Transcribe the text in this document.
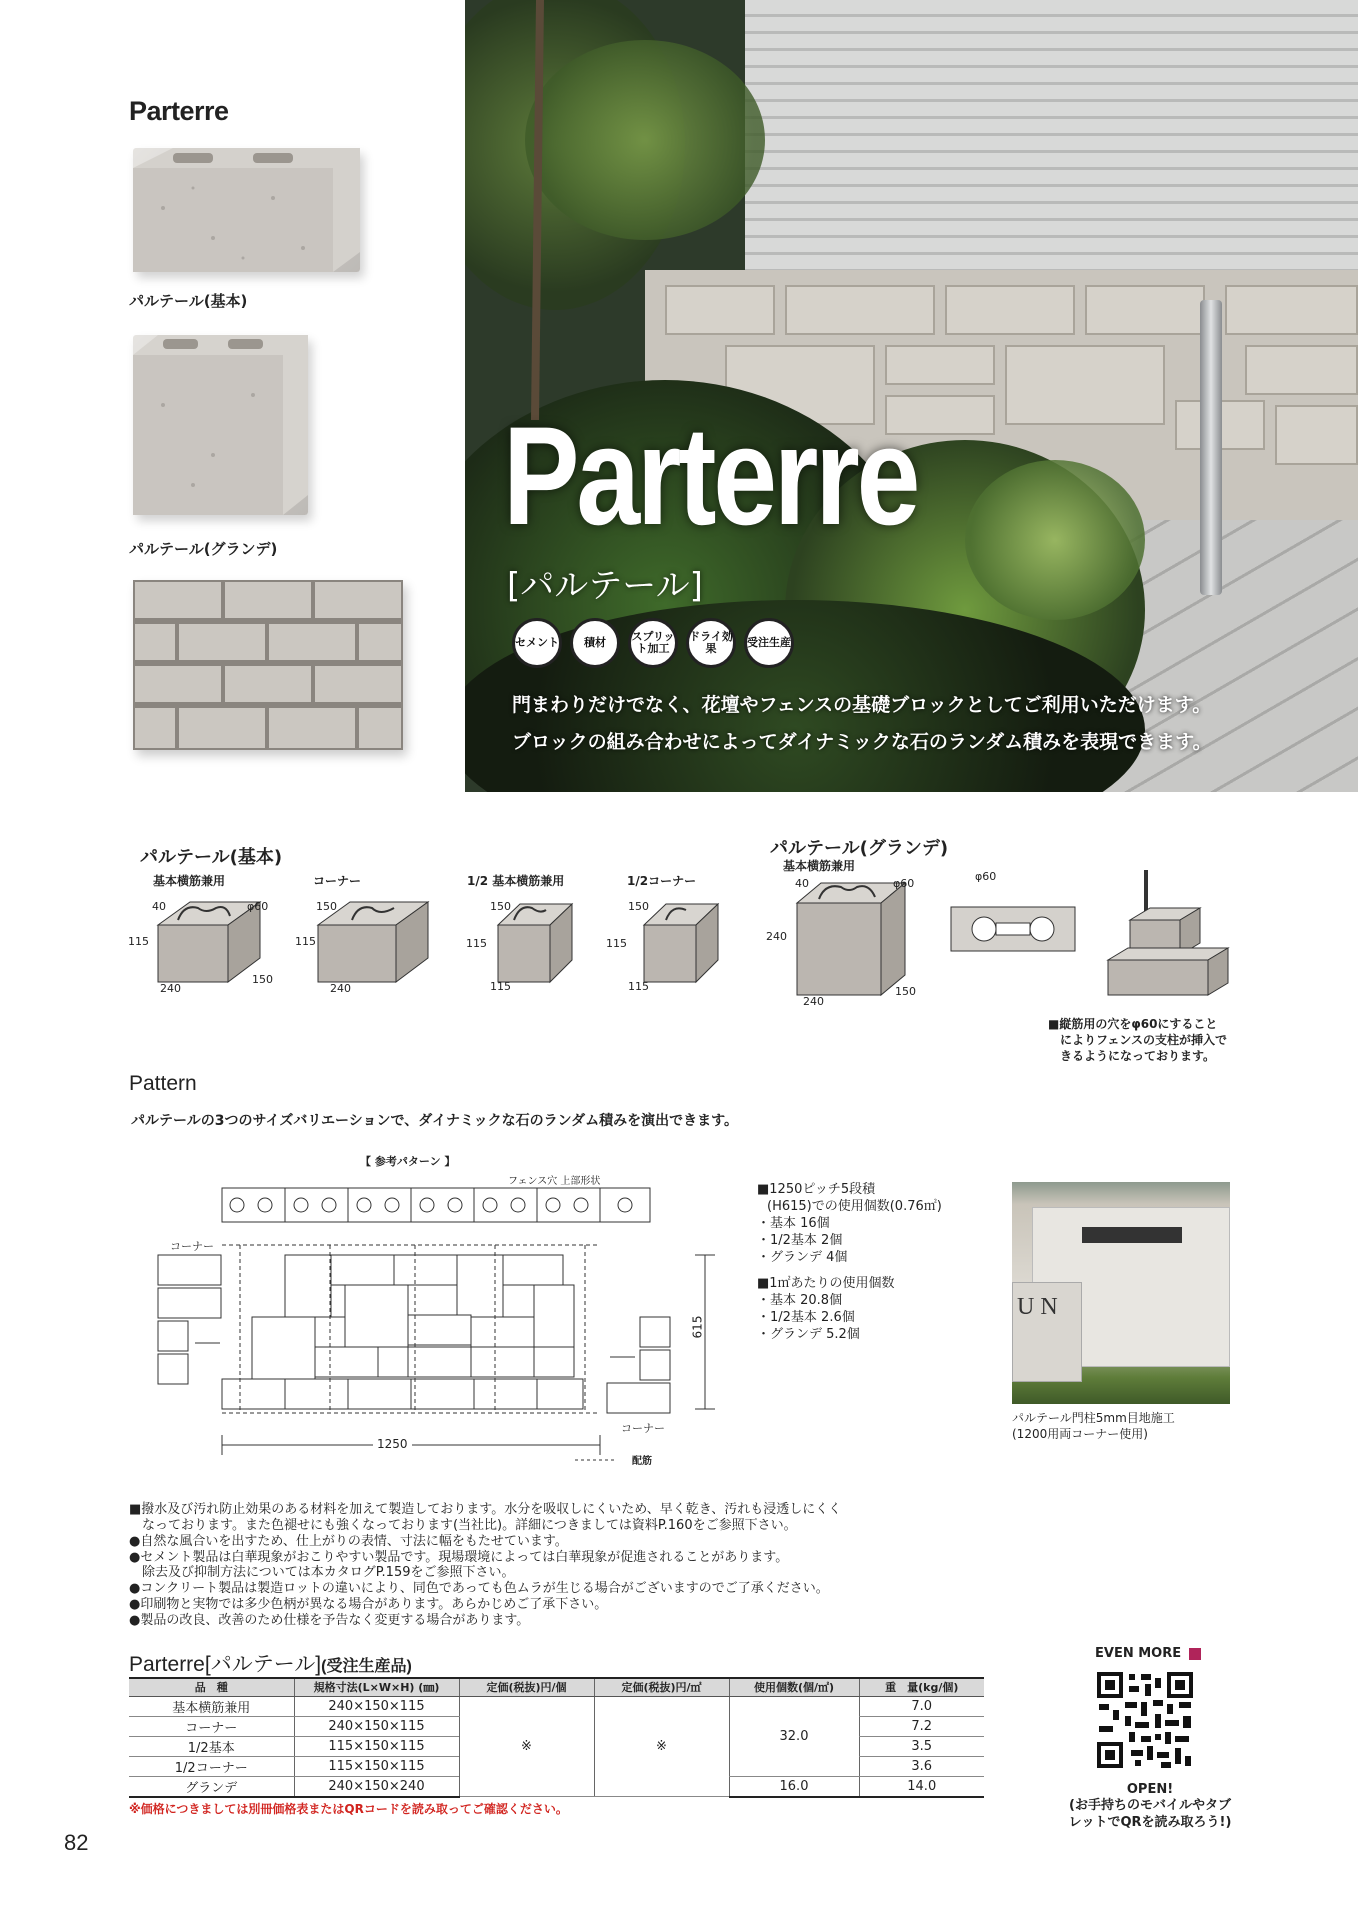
Parterre
パルテール(基本)
パルテール(グランデ) Parterre
[パルテール]
セメント	積材	スプリット加工
ドライ効果	受注生産
門まわりだけでなく、花壇やフェンスの基礎ブロックとしてご利用いただけます。
ブロックの組み合わせによってダイナミックな石のランダム積みを表現できます。
パルテール(基本)	パルテール(グランデ)
基本横筋兼用	コーナー	1/2 基本横筋兼用	1/2コーナー
基本横筋兼用
40	φ60
115
240
150
150
115
240
150
115
115
150
115
115
40	φ60
240
240
150
φ60
■縦筋用の穴をφ60にすること
によりフェンスの支柱が挿入で
きるようになっております。
Pattern
パルテールの3つのサイズバリエーションで、ダイナミックな石のランダム積みを演出できます。
【 参考パターン 】
フェンス穴 上部形状
コーナー
コーナー
1250
615
配筋
■1250ピッチ5段積
(H615)での使用個数(0.76㎡)
・基本 16個
・1/2基本 2個
・グランデ 4個
■1㎡あたりの使用個数
・基本 20.8個
・1/2基本 2.6個
・グランデ 5.2個
U N
パルテール門柱5mm目地施工
(1200用両コーナー使用)
■撥水及び汚れ防止効果のある材料を加えて製造しております。水分を吸収しにくいため、早く乾き、汚れも浸透しにくく
　なっております。また色褪せにも強くなっております(当社比)。詳細につきましては資料P.160をご参照下さい。
●自然な風合いを出すため、仕上がりの表情、寸法に幅をもたせています。
●セメント製品は白華現象がおこりやすい製品です。現場環境によっては白華現象が促進されることがあります。
　除去及び抑制方法については本カタログP.159をご参照下さい。
●コンクリート製品は製造ロットの違いにより、同色であっても色ムラが生じる場合がございますのでご了承ください。
●印刷物と実物では多少色柄が異なる場合があります。あらかじめご了承下さい。
●製品の改良、改善のため仕様を予告なく変更する場合があります。
Parterre[パルテール](受注生産品)
品　種	規格寸法(L×W×H) (㎜)	定価(税抜)円/個	定価(税抜)円/㎡	使用個数(個/㎡)	重　量(kg/個)
基本横筋兼用	240×150×115	※	※	32.0	7.0
コーナー	240×150×115				7.2
1/2基本	115×150×115				3.5
1/2コーナー	115×150×115				3.6
グランデ	240×150×240			16.0	14.0
※価格につきましては別冊価格表またはQRコードを読み取ってご確認ください。
EVEN MORE
OPEN!
(お手持ちのモバイルやタブ
レットでQRを読み取ろう!)
82
